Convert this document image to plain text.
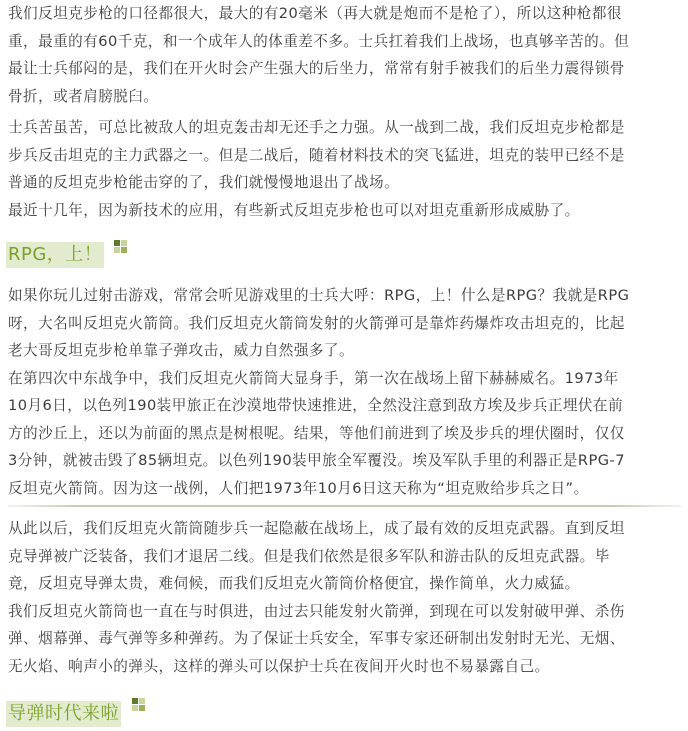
我们反坦克步枪的口径都很大，最大的有20毫米（再大就是炮而不是枪了），所以这种枪都很
重，最重的有60千克，和一个成年人的体重差不多。士兵扛着我们上战场，也真够辛苦的。但
最让士兵郁闷的是，我们在开火时会产生强大的后坐力，常常有射手被我们的后坐力震得锁骨
骨折，或者肩膀脱臼。

士兵苦虽苦，可总比被敌人的坦克轰击却无还手之力强。从一战到二战，我们反坦克步枪都是
步兵反击坦克的主力武器之一。但是二战后，随着材料技术的突飞猛进，坦克的装甲已经不是
普通的反坦克步枪能击穿的了，我们就慢慢地退出了战场。
最近十几年，因为新技术的应用，有些新式反坦克步枪也可以对坦克重新形成威胁了。

RPG，上！

如果你玩儿过射击游戏，常常会听见游戏里的士兵大呼：RPG，上！什么是RPG？我就是RPG
呀，大名叫反坦克火箭筒。我们反坦克火箭筒发射的火箭弹可是靠炸药爆炸攻击坦克的，比起
老大哥反坦克步枪单靠子弹攻击，威力自然强多了。
在第四次中东战争中，我们反坦克火箭筒大显身手，第一次在战场上留下赫赫威名。1973年
10月6日，以色列190装甲旅正在沙漠地带快速推进，全然没注意到敌方埃及步兵正埋伏在前
方的沙丘上，还以为前面的黑点是树根呢。结果，等他们前进到了埃及步兵的埋伏圈时，仅仅
3分钟，就被击毁了85辆坦克。以色列190装甲旅全军覆没。埃及军队手里的利器正是RPG-7
反坦克火箭筒。因为这一战例，人们把1973年10月6日这天称为“坦克败给步兵之日”。

从此以后，我们反坦克火箭筒随步兵一起隐蔽在战场上，成了最有效的反坦克武器。直到反坦
克导弹被广泛装备，我们才退居二线。但是我们依然是很多军队和游击队的反坦克武器。毕
竟，反坦克导弹太贵，难伺候，而我们反坦克火箭筒价格便宜，操作简单，火力威猛。
我们反坦克火箭筒也一直在与时俱进，由过去只能发射火箭弹，到现在可以发射破甲弹、杀伤
弹、烟幕弹、毒气弹等多种弹药。为了保证士兵安全，军事专家还研制出发射时无光、无烟、
无火焰、响声小的弹头，这样的弹头可以保护士兵在夜间开火时也不易暴露自己。

导弹时代来啦
